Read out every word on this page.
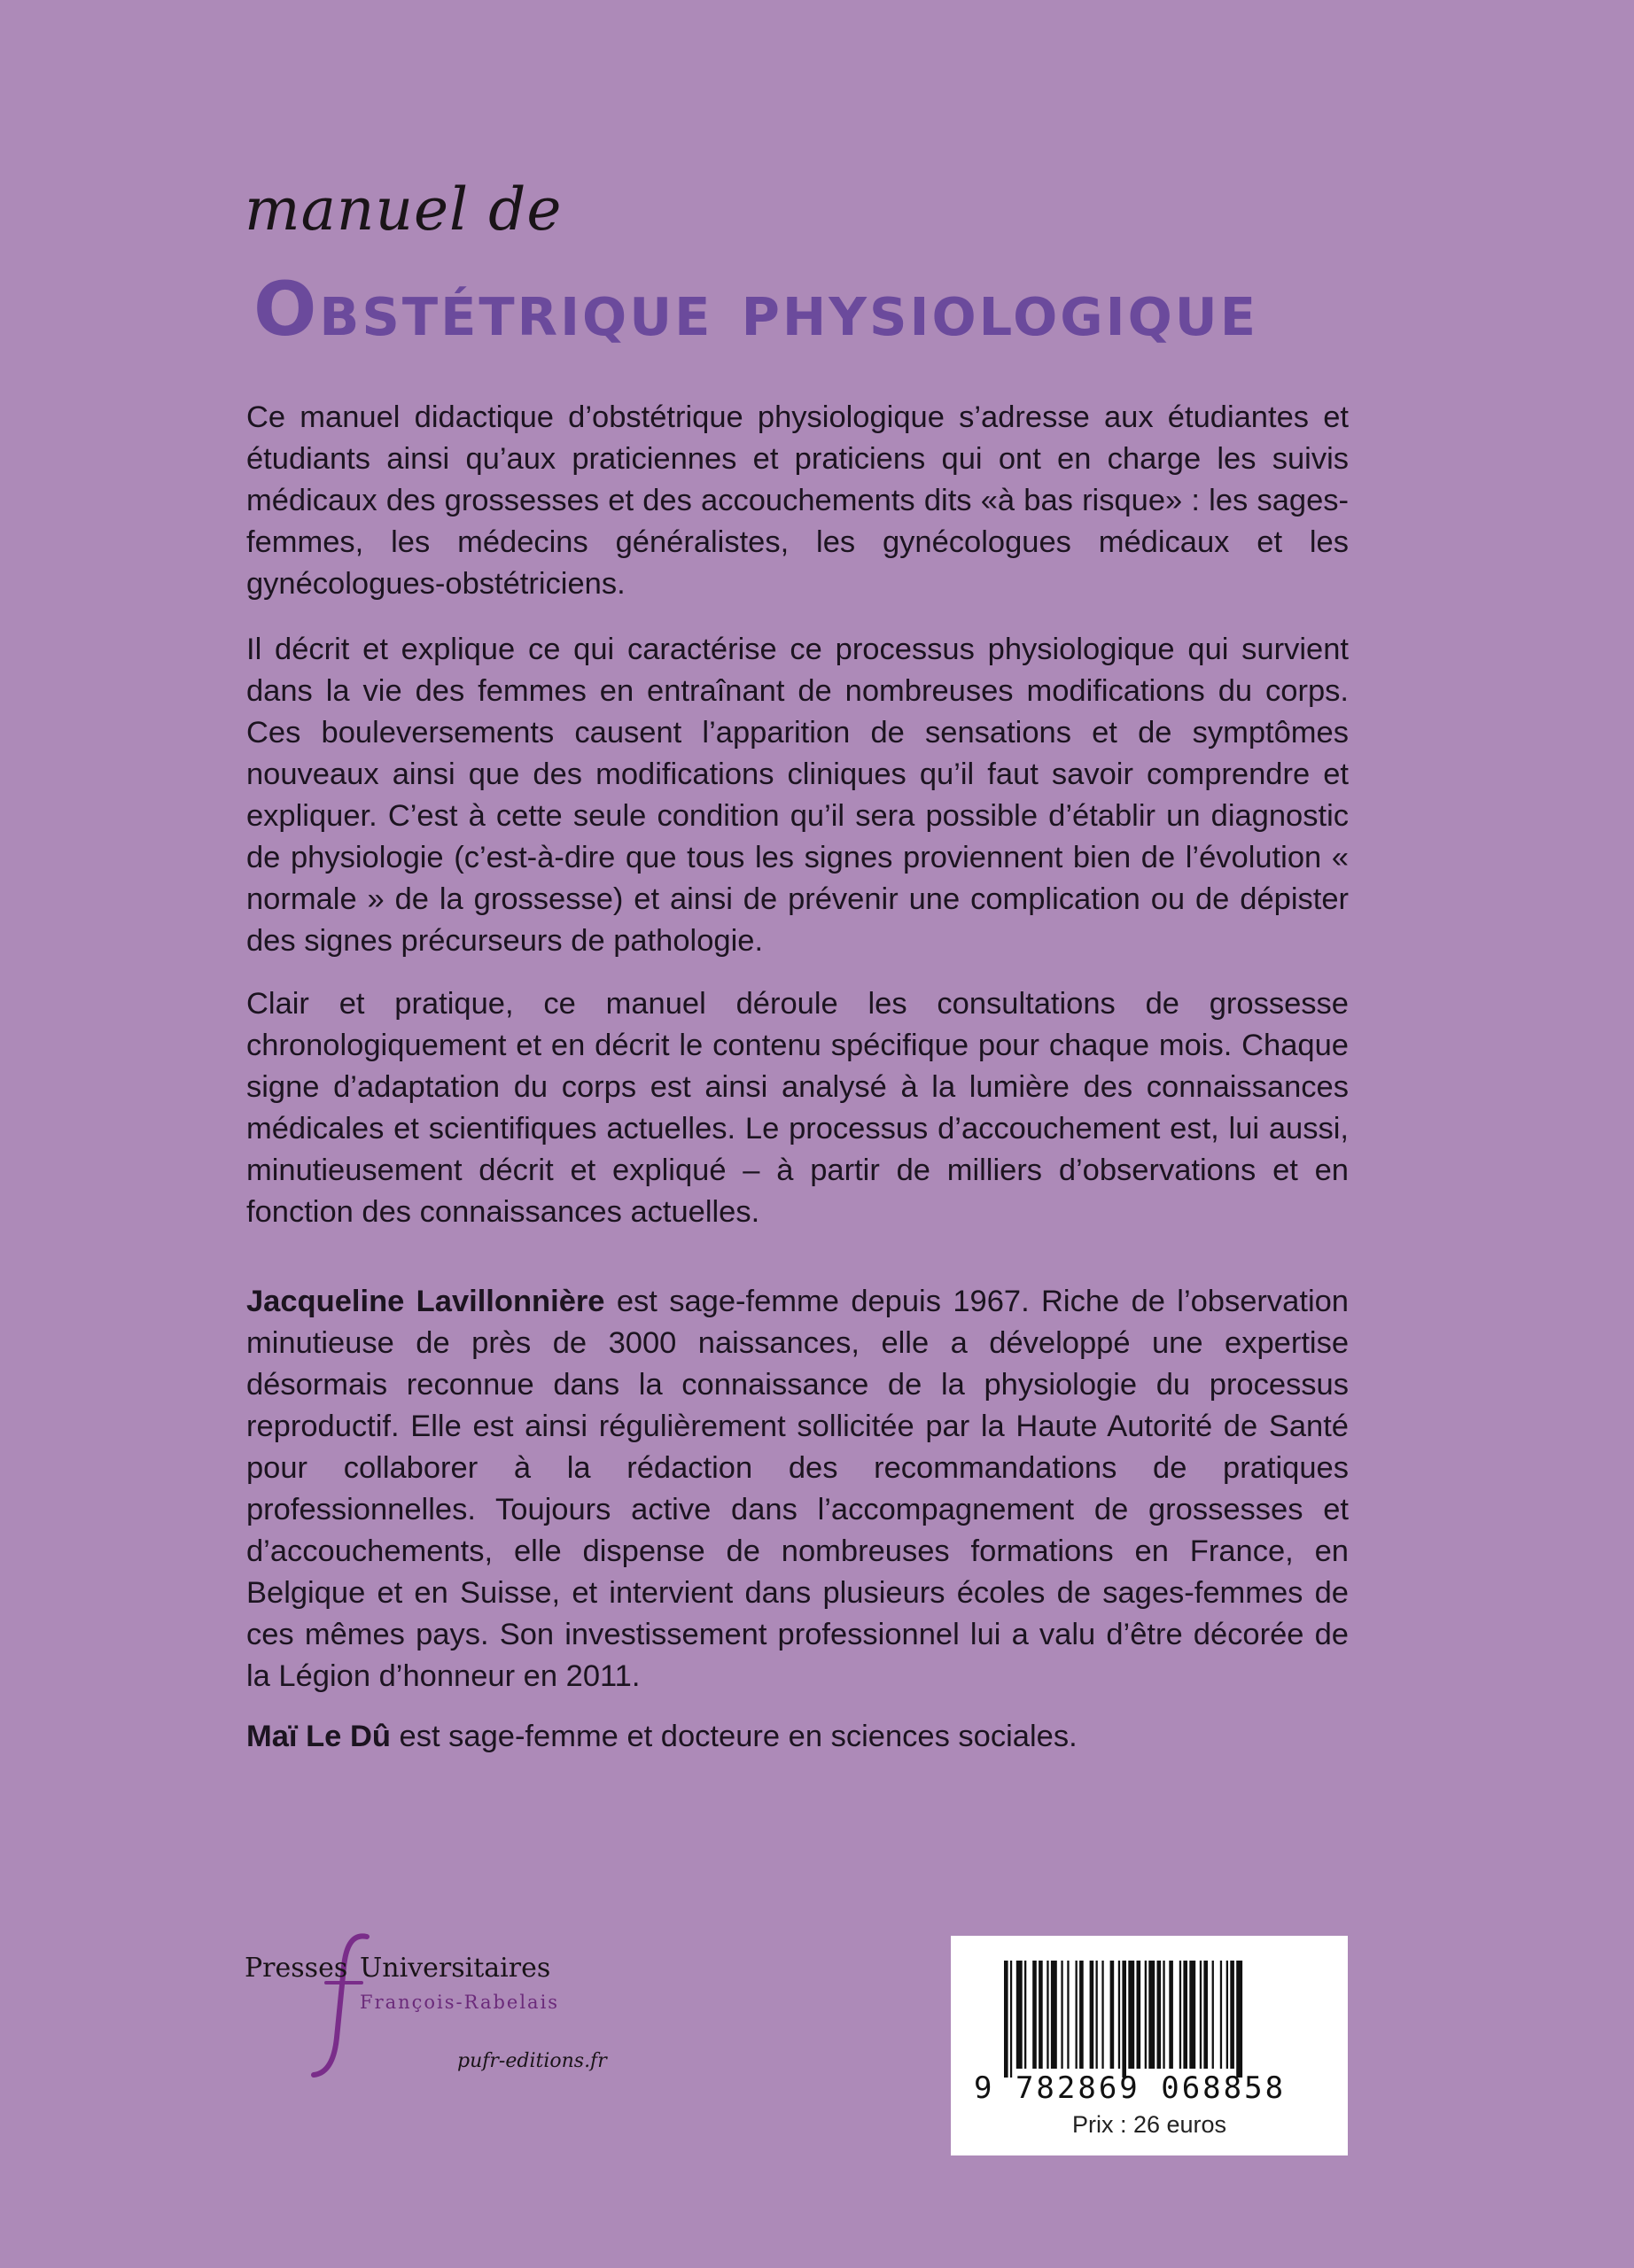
manuel de
Obstétrique physiologique

Ce manuel didactique d’obstétrique physiologique s’adresse aux étudiantes et étudiants ainsi qu’aux praticiennes et praticiens qui ont en charge les suivis médicaux des grossesses et des accouchements dits «à bas risque» : les sages-femmes, les médecins généralistes, les gynécologues médicaux et les gynécologues-obstétriciens.

Il décrit et explique ce qui caractérise ce processus physiologique qui survient dans la vie des femmes en entraînant de nombreuses modifications du corps. Ces bouleversements causent l’apparition de sensations et de symptômes nouveaux ainsi que des modifications cliniques qu’il faut savoir comprendre et expliquer. C’est à cette seule condition qu’il sera possible d’établir un diagnostic de physiologie (c’est-à-dire que tous les signes proviennent bien de l’évolution « normale » de la grossesse) et ainsi de prévenir une complication ou de dépister des signes précurseurs de pathologie.

Clair et pratique, ce manuel déroule les consultations de grossesse chronologiquement et en décrit le contenu spécifique pour chaque mois. Chaque signe d’adaptation du corps est ainsi analysé à la lumière des connaissances médicales et scientifiques actuelles. Le processus d’accouchement est, lui aussi, minutieusement décrit et expliqué – à partir de milliers d’observations et en fonction des connaissances actuelles.

Jacqueline Lavillonnière est sage-femme depuis 1967. Riche de l’observation minutieuse de près de 3000 naissances, elle a développé une expertise désormais reconnue dans la connaissance de la physiologie du processus reproductif. Elle est ainsi régulièrement sollicitée par la Haute Autorité de Santé pour collaborer à la rédaction des recommandations de pratiques professionnelles. Toujours active dans l’accompagnement de grossesses et d’accouchements, elle dispense de nombreuses formations en France, en Belgique et en Suisse, et intervient dans plusieurs écoles de sages-femmes de ces mêmes pays. Son investissement professionnel lui a valu d’être décorée de la Légion d’honneur en 2011.

Maï Le Dû est sage-femme et docteure en sciences sociales.

Presses Universitaires
François-Rabelais
pufr-editions.fr
9 782869 068858
Prix : 26 euros
